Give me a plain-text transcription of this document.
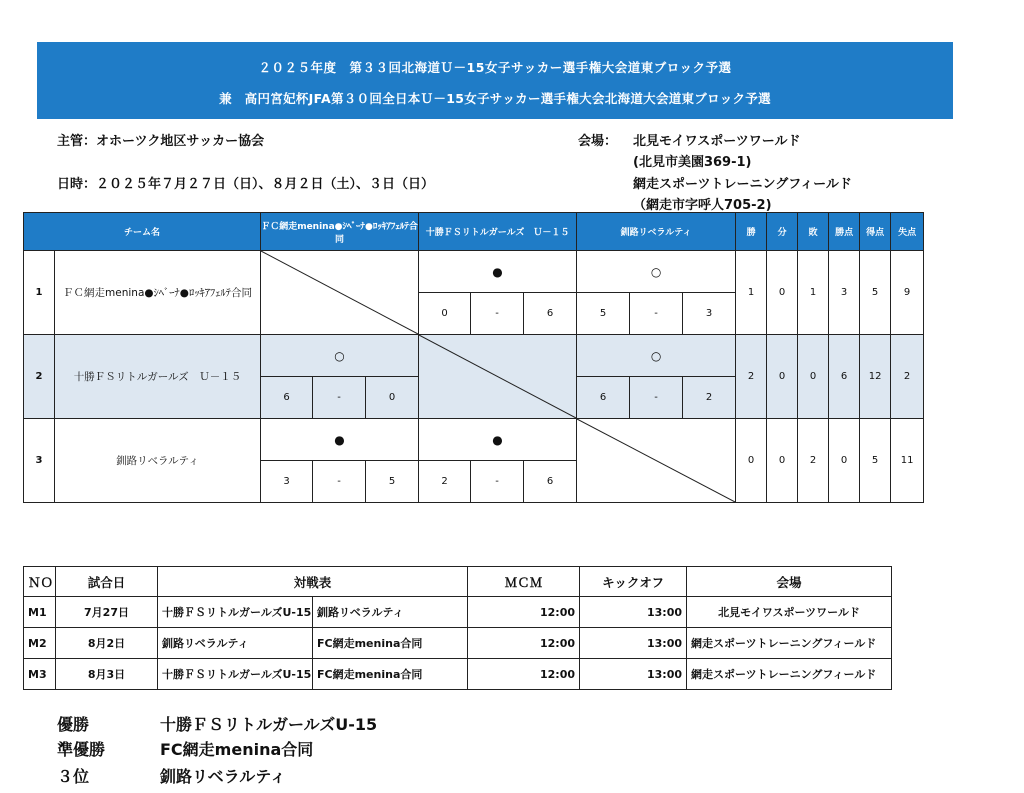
２０２５年度　第３３回北海道Ｕ－15女子サッカー選手権大会道東ブロック予選
兼　高円宮妃杯JFA第３０回全日本Ｕ－15女子サッカー選手権大会北海道大会道東ブロック予選
主管：オホーツク地区サッカー協会
日時：２０２５年７月２７日（日）、８月２日（土）、３日（日）
会場： 北見モイワスポーツワールド
(北見市美園369-1)
網走スポーツトレーニングフィールド
（網走市字呼人705-2)
チーム名		ＦＣ網走menina●ｼﾍﾞｰﾅ●ﾛｯｷｱﾌｪﾙﾃ合同			十勝ＦＳリトルガールズ　Ｕ－１５			釧路リベラルティ			勝	分	敗	勝点	得点	失点
1	ＦＣ網走menina●ｼﾍﾞｰﾅ●ﾛｯｷｱﾌｪﾙﾃ合同				●			○			1	0	1	3	5	9
					0	-	6	5	-	3						
2	十勝ＦＳリトルガールズ　Ｕ－１５	○						○			2	0	0	6	12	2
		6	-	0				6	-	2						
3	釧路リベラルティ	●			●						0	0	2	0	5	11
		3	-	5	2	-	6									
ＮＯ	試合日	対戦表		ＭＣＭ	キックオフ	会場
M1	7月27日	十勝ＦＳリトルガールズU-15	釧路リベラルティ	12:00	13:00	北見モイワスポーツワールド
M2	8月2日	釧路リベラルティ	FC網走menina合同	12:00	13:00	網走スポーツトレーニングフィールド
M3	8月3日	十勝ＦＳリトルガールズU-15	FC網走menina合同	12:00	13:00	網走スポーツトレーニングフィールド
優勝	十勝ＦＳリトルガールズU-15
準優勝	FC網走menina合同
３位	釧路リベラルティ
